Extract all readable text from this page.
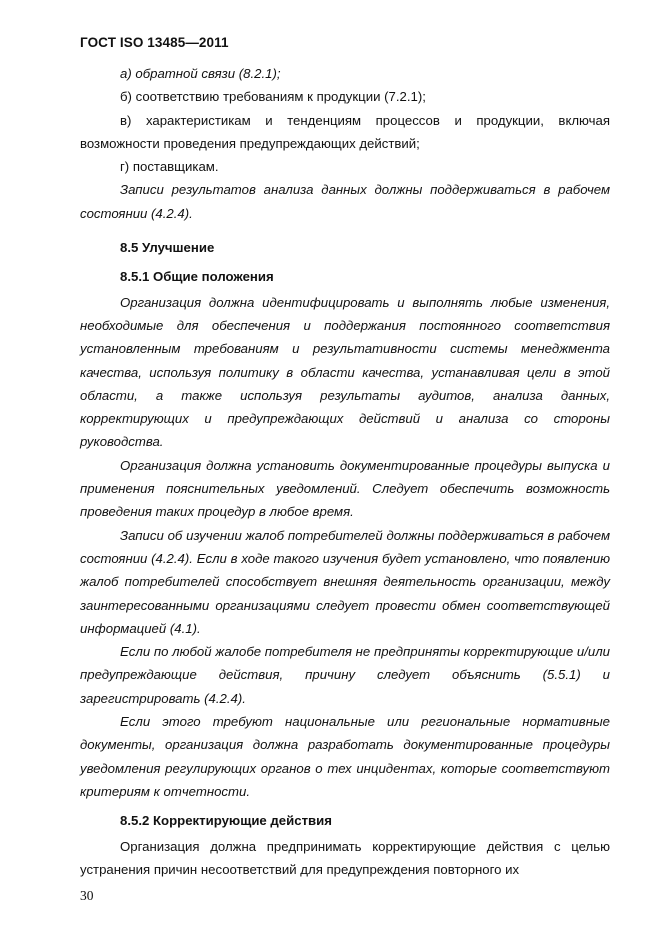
ГОСТ ISO 13485—2011

а) обратной связи (8.2.1);

б) соответствию требованиям к продукции (7.2.1);

в) характеристикам и тенденциям процессов и продукции, включая возможности проведения предупреждающих действий;

г) поставщикам.

Записи результатов анализа данных должны поддерживаться в рабочем состоянии (4.2.4).

8.5 Улучшение

8.5.1 Общие положения

Организация должна идентифицировать и выполнять любые изменения, необходимые для обеспечения и поддержания постоянного соответствия установленным требованиям и результативности системы менеджмента качества, используя политику в области качества, устанавливая цели в этой области, а также используя результаты аудитов, анализа данных, корректирующих и предупреждающих действий и анализа со стороны руководства.

Организация должна установить документированные процедуры выпуска и применения пояснительных уведомлений. Следует обеспечить возможность проведения таких процедур в любое время.

Записи об изучении жалоб потребителей должны поддерживаться в рабочем состоянии (4.2.4). Если в ходе такого изучения будет установлено, что появлению жалоб потребителей способствует внешняя деятельность организации, между заинтересованными организациями следует провести обмен соответствующей информацией (4.1).

Если по любой жалобе потребителя не предприняты корректирующие и/или предупреждающие действия, причину следует объяснить (5.5.1) и зарегистрировать (4.2.4).

Если этого требуют национальные или региональные нормативные документы, организация должна разработать документированные процедуры уведомления регулирующих органов о тех инцидентах, которые соответствуют критериям к отчетности.

8.5.2 Корректирующие действия

Организация должна предпринимать корректирующие действия с целью устранения причин несоответствий для предупреждения повторного их

30
